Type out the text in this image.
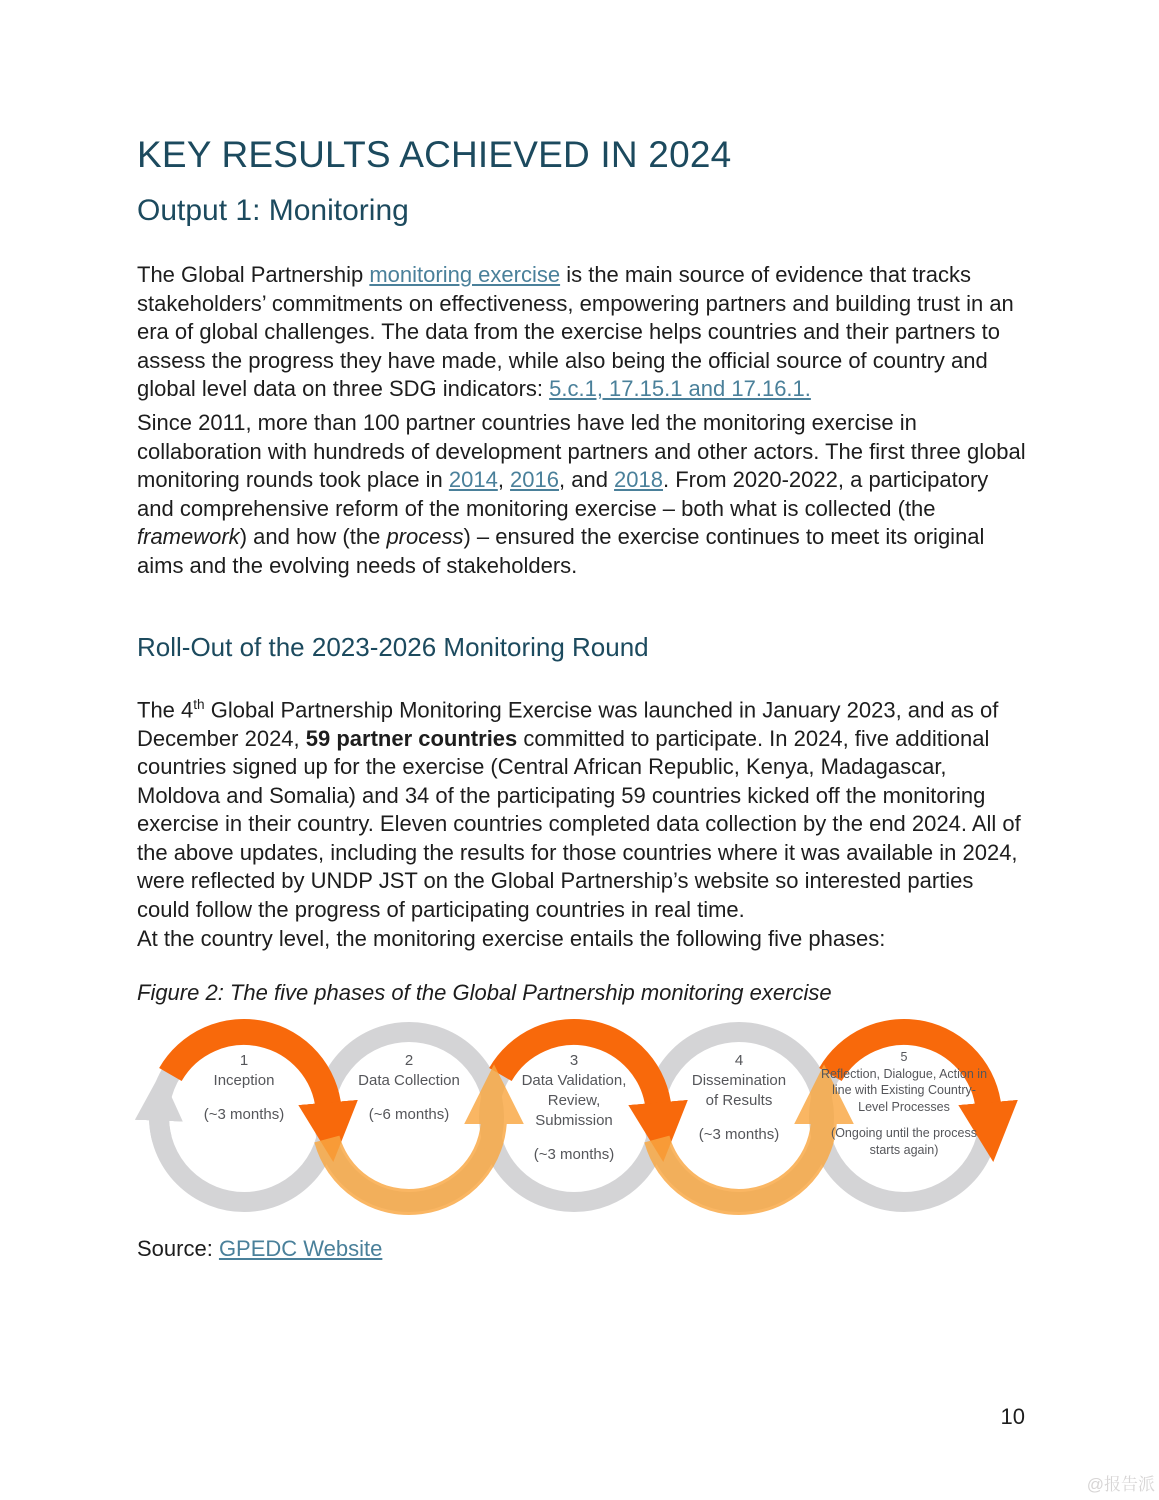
KEY RESULTS ACHIEVED IN 2024
Output 1: Monitoring

The Global Partnership monitoring exercise is the main source of evidence that tracks stakeholders’ commitments on effectiveness, empowering partners and building trust in an era of global challenges. The data from the exercise helps countries and their partners to assess the progress they have made, while also being the official source of country and global level data on three SDG indicators: 5.c.1, 17.15.1 and 17.16.1.

Since 2011, more than 100 partner countries have led the monitoring exercise in collaboration with hundreds of development partners and other actors. The first three global monitoring rounds took place in 2014, 2016, and 2018. From 2020-2022, a participatory and comprehensive reform of the monitoring exercise – both what is collected (the framework) and how (the process) – ensured the exercise continues to meet its original aims and the evolving needs of stakeholders.

Roll-Out of the 2023-2026 Monitoring Round

The 4th Global Partnership Monitoring Exercise was launched in January 2023, and as of December 2024, 59 partner countries committed to participate. In 2024, five additional countries signed up for the exercise (Central African Republic, Kenya, Madagascar, Moldova and Somalia) and 34 of the participating 59 countries kicked off the monitoring exercise in their country. Eleven countries completed data collection by the end 2024. All of the above updates, including the results for those countries where it was available in 2024, were reflected by UNDP JST on the Global Partnership’s website so interested parties could follow the progress of participating countries in real time.

At the country level, the monitoring exercise entails the following five phases:

Figure 2: The five phases of the Global Partnership monitoring exercise

1
Inception
(~3 months)
2
Data Collection
(~6 months)
3
Data Validation, Review, Submission
(~3 months)
4
Dissemination of Results
(~3 months)
5
Reflection, Dialogue, Action in line with Existing Country-Level Processes
(Ongoing until the process starts again)

Source: GPEDC Website

10
@报告派
